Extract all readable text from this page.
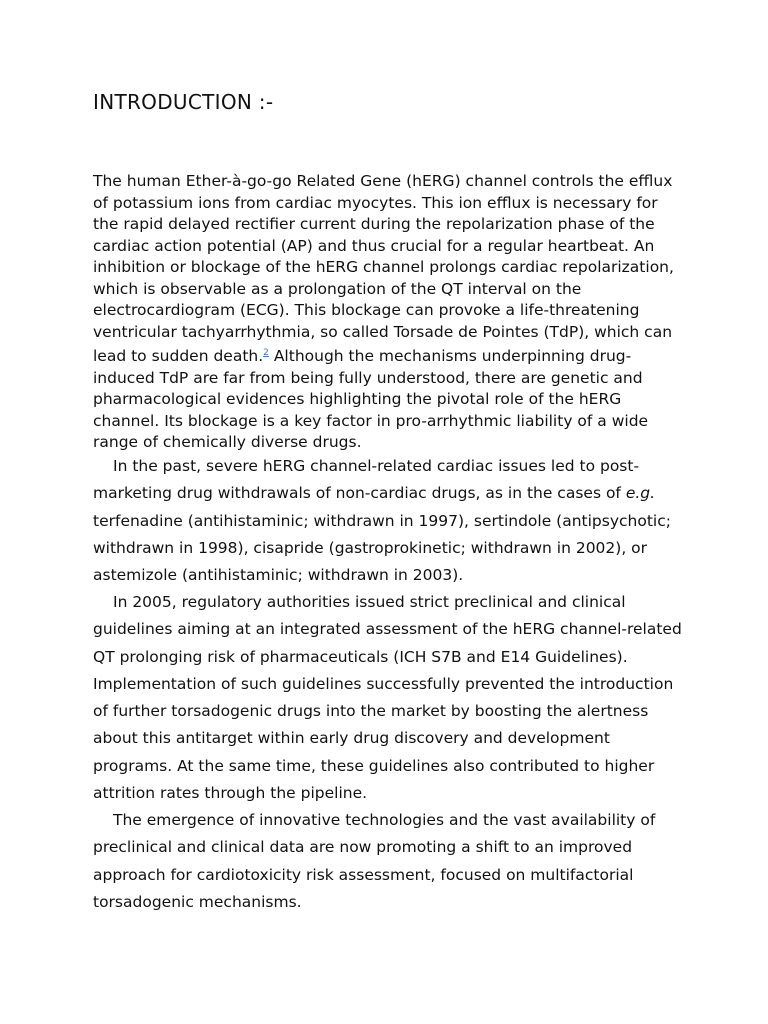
INTRODUCTION :-

The human Ether-à-go-go Related Gene (hERG) channel controls the efflux of potassium ions from cardiac myocytes. This ion efflux is necessary for the rapid delayed rectifier current during the repolarization phase of the cardiac action potential (AP) and thus crucial for a regular heartbeat. An inhibition or blockage of the hERG channel prolongs cardiac repolarization, which is observable as a prolongation of the QT interval on the electrocardiogram (ECG). This blockage can provoke a life-threatening ventricular tachyarrhythmia, so called Torsade de Pointes (TdP), which can lead to sudden death.$^2$ Although the mechanisms underpinning drug-induced TdP are far from being fully understood, there are genetic and pharmacological evidences highlighting the pivotal role of the hERG channel. Its blockage is a key factor in pro-arrhythmic liability of a wide range of chemically diverse drugs.

In the past, severe hERG channel-related cardiac issues led to post-marketing drug withdrawals of non-cardiac drugs, as in the cases of e.g. terfenadine (antihistaminic; withdrawn in 1997), sertindole (antipsychotic; withdrawn in 1998), cisapride (gastroprokinetic; withdrawn in 2002), or astemizole (antihistaminic; withdrawn in 2003).

In 2005, regulatory authorities issued strict preclinical and clinical guidelines aiming at an integrated assessment of the hERG channel-related QT prolonging risk of pharmaceuticals (ICH S7B and E14 Guidelines). Implementation of such guidelines successfully prevented the introduction of further torsadogenic drugs into the market by boosting the alertness about this antitarget within early drug discovery and development programs. At the same time, these guidelines also contributed to higher attrition rates through the pipeline.

The emergence of innovative technologies and the vast availability of preclinical and clinical data are now promoting a shift to an improved approach for cardiotoxicity risk assessment, focused on multifactorial torsadogenic mechanisms.
